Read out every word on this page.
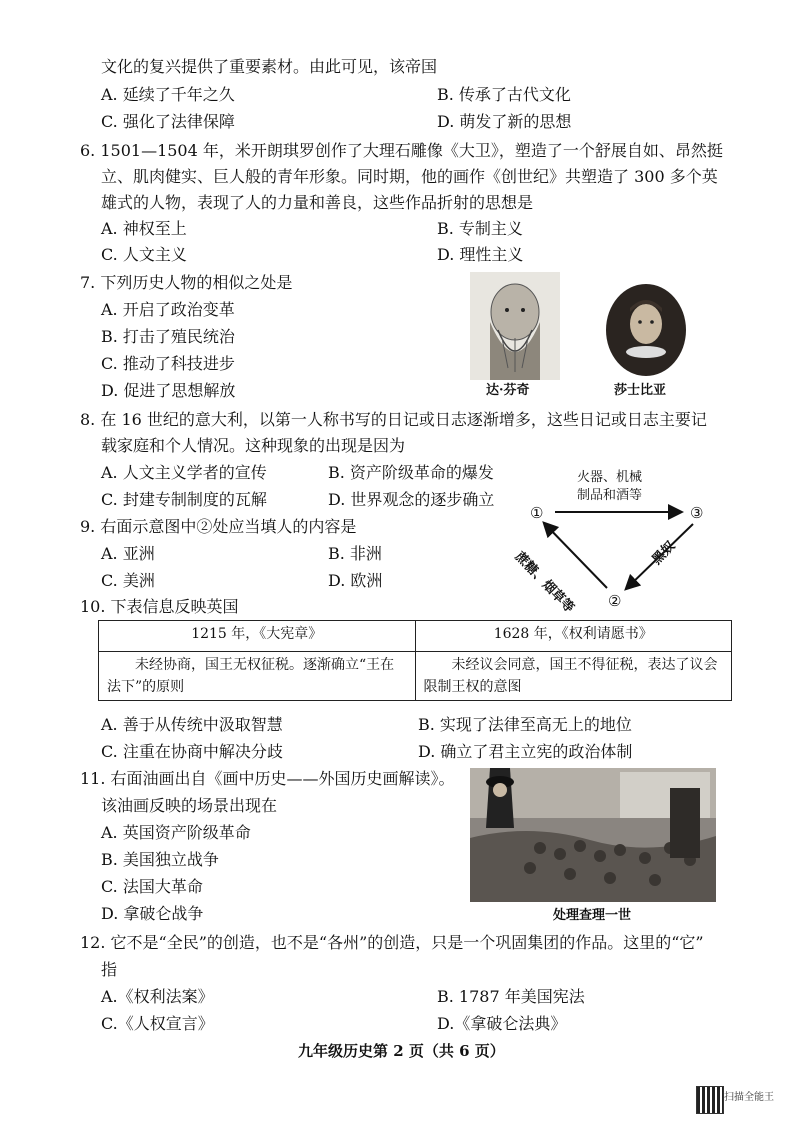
文化的复兴提供了重要素材。由此可见，该帝国
A. 延续了千年之久	B. 传承了古代文化
C. 强化了法律保障	D. 萌发了新的思想
6. 1501—1504 年，米开朗琪罗创作了大理石雕像《大卫》，塑造了一个舒展自如、昂然挺
立、肌肉健实、巨人般的青年形象。同时期，他的画作《创世纪》共塑造了 300 多个英
雄式的人物，表现了人的力量和善良，这些作品折射的思想是
A. 神权至上	B. 专制主义
C. 人文主义	D. 理性主义
7. 下列历史人物的相似之处是
A. 开启了政治变革
B. 打击了殖民统治
C. 推动了科技进步
D. 促进了思想解放	达·芬奇	莎士比亚
8. 在 16 世纪的意大利，以第一人称书写的日记或日志逐渐增多，这些日记或日志主要记
载家庭和个人情况。这种现象的出现是因为
A. 人文主义学者的宣传	B. 资产阶级革命的爆发
C. 封建专制制度的瓦解	D. 世界观念的逐步确立
9. 右面示意图中②处应当填人的内容是
A. 亚洲	B. 非洲
C. 美洲	D. 欧洲
火器、机械
制品和酒等
①	③
②
蔗糖、烟草等	黑奴
10. 下表信息反映英国
1215 年，《大宪章》	1628 年，《权利请愿书》
未经协商，国王无权征税。逐渐确立“王在法下”的原则	未经议会同意，国王不得征税，表达了议会限制王权的意图
A. 善于从传统中汲取智慧	B. 实现了法律至高无上的地位
C. 注重在协商中解决分歧	D. 确立了君主立宪的政治体制
11. 右面油画出自《画中历史——外国历史画解读》。
该油画反映的场景出现在
A. 英国资产阶级革命
B. 美国独立战争
C. 法国大革命
D. 拿破仑战争	处理查理一世
12. 它不是“全民”的创造，也不是“各州”的创造，只是一个巩固集团的作品。这里的“它”
指
A.《权利法案》	B. 1787 年美国宪法
C.《人权宣言》	D.《拿破仑法典》
九年级历史第 2 页（共 6 页）
扫描全能王
